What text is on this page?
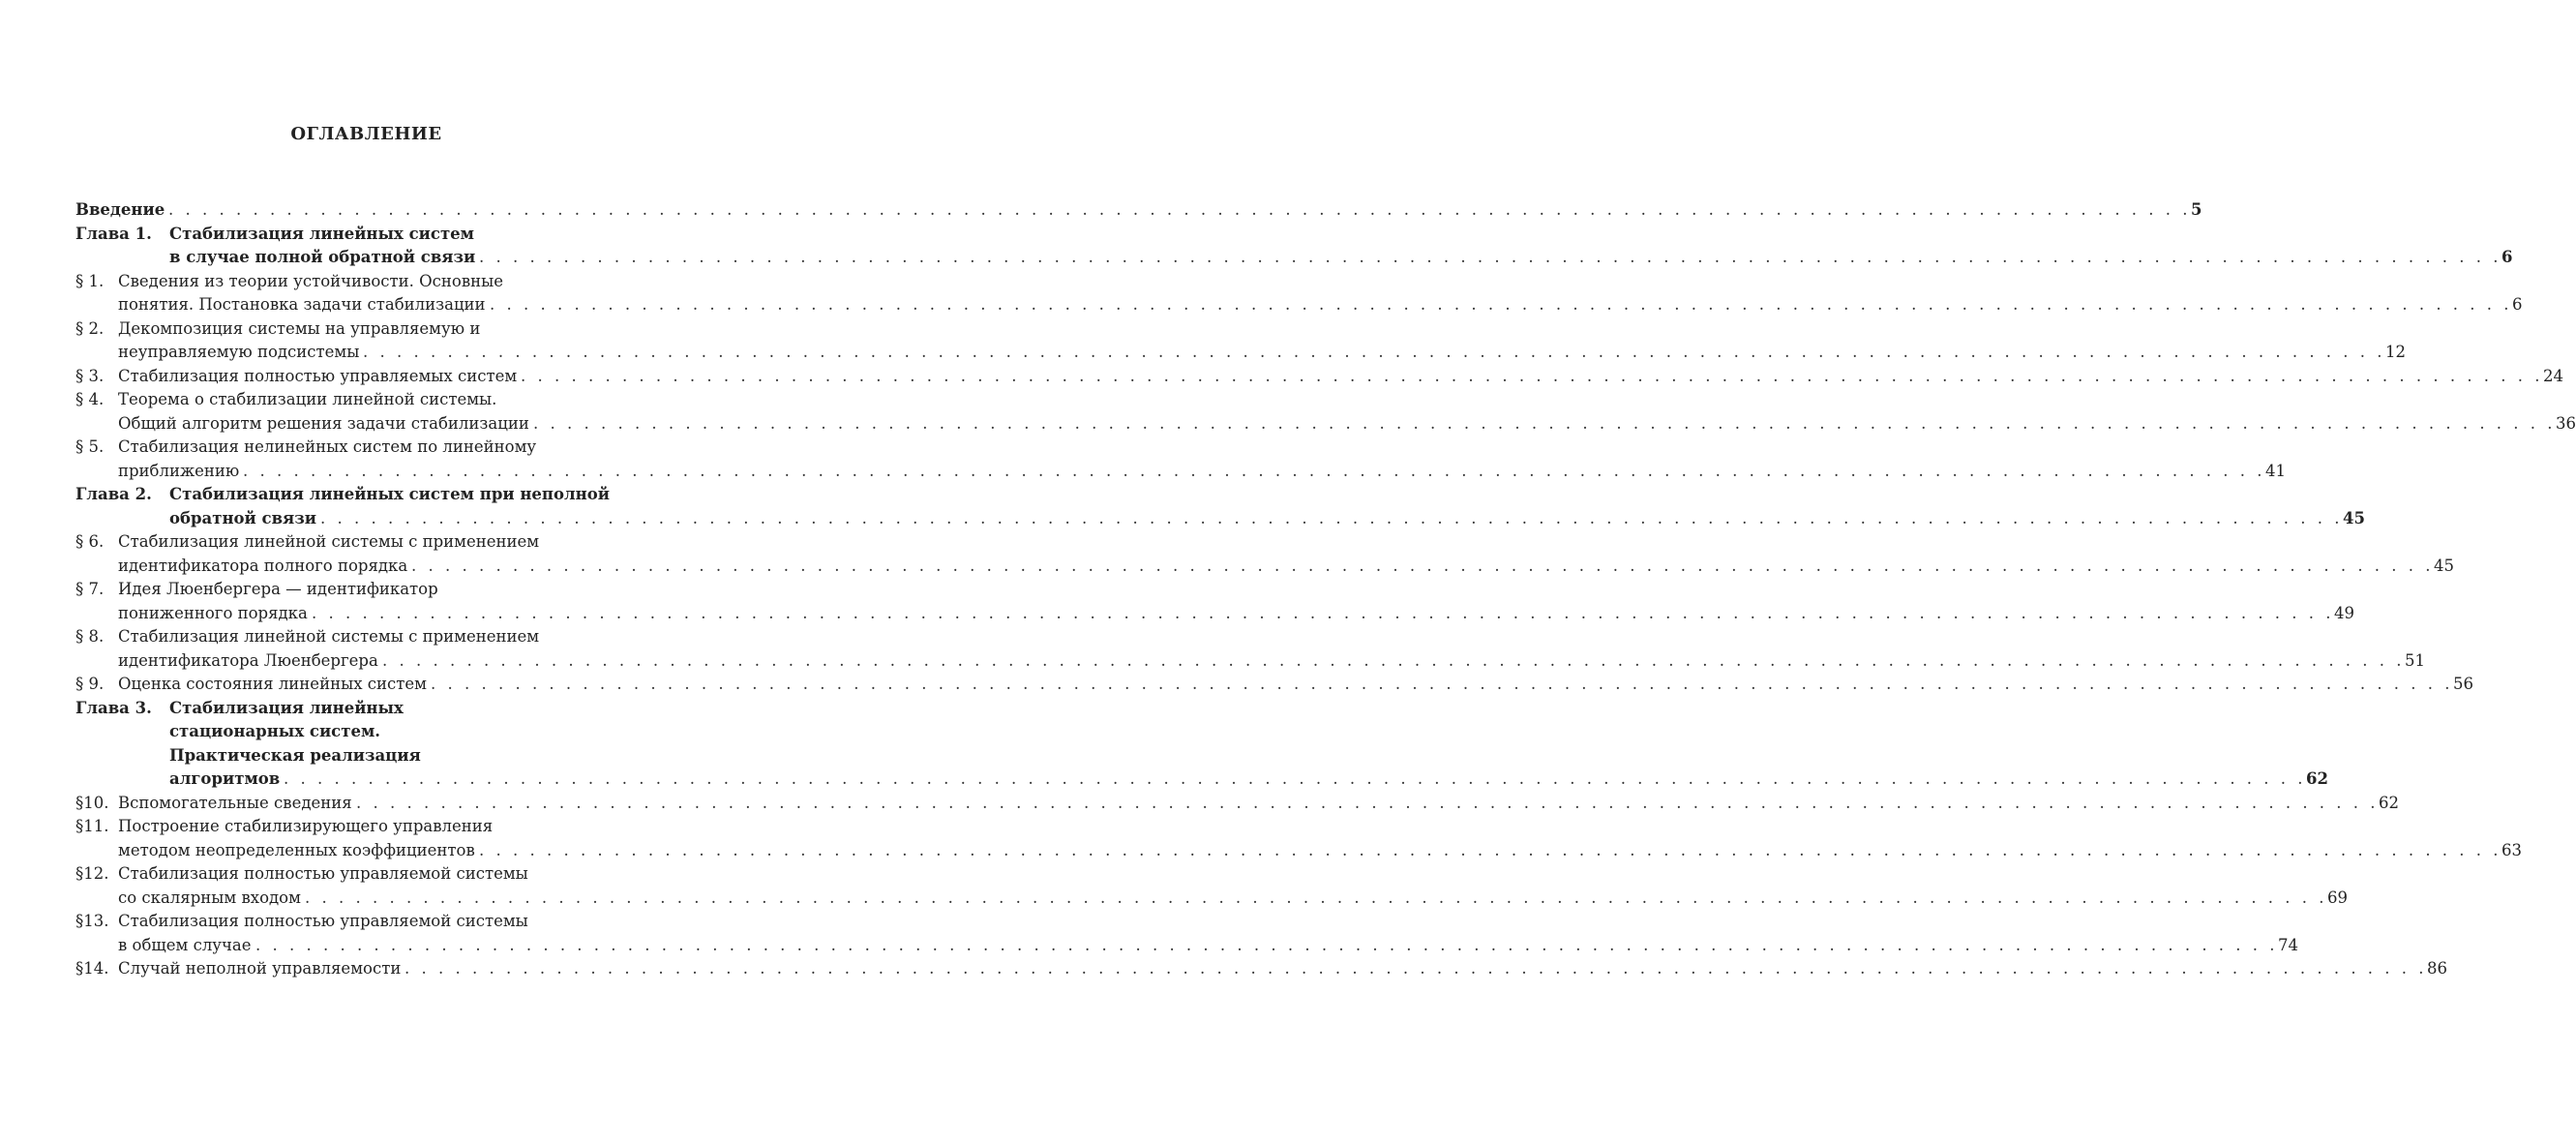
ОГЛАВЛЕНИЕ
Введение . . . . . . . . . . . . . . . . . . . . . . . . . . . . . . . . . . . . . . . . . . . . . . . . . . . . . . . . . . . . . . . . . . . . . . . . . . . . . . . . . . . . . . . . . . . . . . . . . . . . . . . . . . . . . . . . . . . . . . . . 5
Глава 1. Стабилизация линейных систем
в случае полной обратной связи . . . . . . . . . . . . . . . . . . . . . . . . . . . . . . . . . . . . . . . . . . . . . . . . . . . . . . . . . . . . . . . . . . . . . . . . . . . . . . . . . . . . . . . . . . . . . . . . . . . . . . . . . . . . . . . . . . . . . . . . 6
§ 1. Сведения из теории устойчивости. Основные
понятия. Постановка задачи стабилизации . . . . . . . . . . . . . . . . . . . . . . . . . . . . . . . . . . . . . . . . . . . . . . . . . . . . . . . . . . . . . . . . . . . . . . . . . . . . . . . . . . . . . . . . . . . . . . . . . . . . . . . . . . . . . . . . . . . . . . . . 6
§ 2. Декомпозиция системы на управляемую и
неуправляемую подсистемы . . . . . . . . . . . . . . . . . . . . . . . . . . . . . . . . . . . . . . . . . . . . . . . . . . . . . . . . . . . . . . . . . . . . . . . . . . . . . . . . . . . . . . . . . . . . . . . . . . . . . . . . . . . . . . . . . . . . . . . . 12
§ 3. Стабилизация полностью управляемых систем . . . . . . . . . . . . . . . . . . . . . . . . . . . . . . . . . . . . . . . . . . . . . . . . . . . . . . . . . . . . . . . . . . . . . . . . . . . . . . . . . . . . . . . . . . . . . . . . . . . . . . . . . . . . . . . . . . . . . . . . 24
§ 4. Теорема о стабилизации линейной системы.
Общий алгоритм решения задачи стабилизации . . . . . . . . . . . . . . . . . . . . . . . . . . . . . . . . . . . . . . . . . . . . . . . . . . . . . . . . . . . . . . . . . . . . . . . . . . . . . . . . . . . . . . . . . . . . . . . . . . . . . . . . . . . . . . . . . . . . . . . . 36
§ 5. Стабилизация нелинейных систем по линейному
приближению . . . . . . . . . . . . . . . . . . . . . . . . . . . . . . . . . . . . . . . . . . . . . . . . . . . . . . . . . . . . . . . . . . . . . . . . . . . . . . . . . . . . . . . . . . . . . . . . . . . . . . . . . . . . . . . . . . . . . . . . 41
Глава 2. Стабилизация линейных систем при неполной
обратной связи . . . . . . . . . . . . . . . . . . . . . . . . . . . . . . . . . . . . . . . . . . . . . . . . . . . . . . . . . . . . . . . . . . . . . . . . . . . . . . . . . . . . . . . . . . . . . . . . . . . . . . . . . . . . . . . . . . . . . . . . 45
§ 6. Стабилизация линейной системы с применением
идентификатора полного порядка . . . . . . . . . . . . . . . . . . . . . . . . . . . . . . . . . . . . . . . . . . . . . . . . . . . . . . . . . . . . . . . . . . . . . . . . . . . . . . . . . . . . . . . . . . . . . . . . . . . . . . . . . . . . . . . . . . . . . . . . 45
§ 7. Идея Люенбергера — идентификатор
пониженного порядка . . . . . . . . . . . . . . . . . . . . . . . . . . . . . . . . . . . . . . . . . . . . . . . . . . . . . . . . . . . . . . . . . . . . . . . . . . . . . . . . . . . . . . . . . . . . . . . . . . . . . . . . . . . . . . . . . . . . . . . . 49
§ 8. Стабилизация линейной системы с применением
идентификатора Люенбергера . . . . . . . . . . . . . . . . . . . . . . . . . . . . . . . . . . . . . . . . . . . . . . . . . . . . . . . . . . . . . . . . . . . . . . . . . . . . . . . . . . . . . . . . . . . . . . . . . . . . . . . . . . . . . . . . . . . . . . . . 51
§ 9. Оценка состояния линейных систем . . . . . . . . . . . . . . . . . . . . . . . . . . . . . . . . . . . . . . . . . . . . . . . . . . . . . . . . . . . . . . . . . . . . . . . . . . . . . . . . . . . . . . . . . . . . . . . . . . . . . . . . . . . . . . . . . . . . . . . . 56
Глава 3. Стабилизация линейных
стационарных систем.
Практическая реализация
алгоритмов . . . . . . . . . . . . . . . . . . . . . . . . . . . . . . . . . . . . . . . . . . . . . . . . . . . . . . . . . . . . . . . . . . . . . . . . . . . . . . . . . . . . . . . . . . . . . . . . . . . . . . . . . . . . . . . . . . . . . . . . 62
§10. Вспомогательные сведения . . . . . . . . . . . . . . . . . . . . . . . . . . . . . . . . . . . . . . . . . . . . . . . . . . . . . . . . . . . . . . . . . . . . . . . . . . . . . . . . . . . . . . . . . . . . . . . . . . . . . . . . . . . . . . . . . . . . . . . . 62
§11. Построение стабилизирующего управления
методом неопределенных коэффициентов . . . . . . . . . . . . . . . . . . . . . . . . . . . . . . . . . . . . . . . . . . . . . . . . . . . . . . . . . . . . . . . . . . . . . . . . . . . . . . . . . . . . . . . . . . . . . . . . . . . . . . . . . . . . . . . . . . . . . . . . 63
§12. Стабилизация полностью управляемой системы
со скалярным входом . . . . . . . . . . . . . . . . . . . . . . . . . . . . . . . . . . . . . . . . . . . . . . . . . . . . . . . . . . . . . . . . . . . . . . . . . . . . . . . . . . . . . . . . . . . . . . . . . . . . . . . . . . . . . . . . . . . . . . . . 69
§13. Стабилизация полностью управляемой системы
в общем случае . . . . . . . . . . . . . . . . . . . . . . . . . . . . . . . . . . . . . . . . . . . . . . . . . . . . . . . . . . . . . . . . . . . . . . . . . . . . . . . . . . . . . . . . . . . . . . . . . . . . . . . . . . . . . . . . . . . . . . . . 74
§14. Случай неполной управляемости . . . . . . . . . . . . . . . . . . . . . . . . . . . . . . . . . . . . . . . . . . . . . . . . . . . . . . . . . . . . . . . . . . . . . . . . . . . . . . . . . . . . . . . . . . . . . . . . . . . . . . . . . . . . . . . . . . . . . . . . 86
